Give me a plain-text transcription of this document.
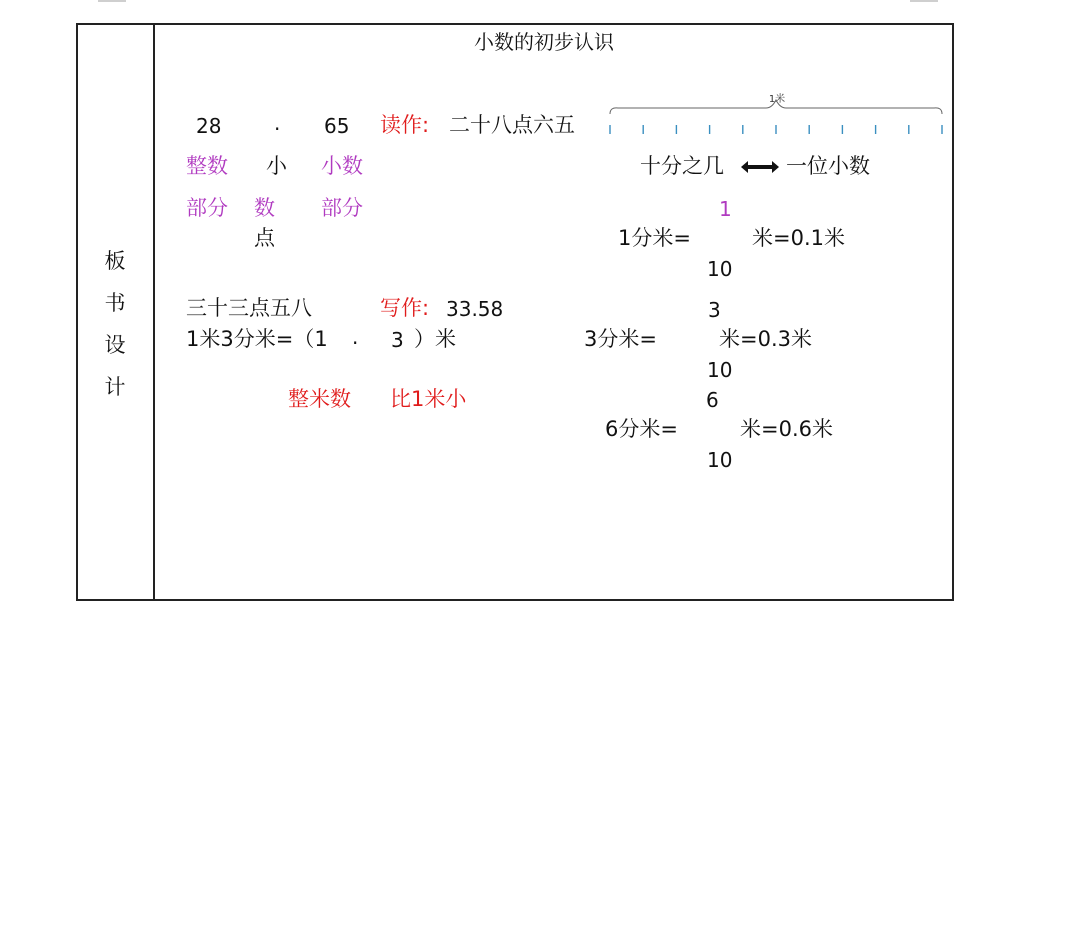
板
书
设
计
小数的初步认识
28	. 65 读作: 二十八点六五
1米
整数 小 小数
部分 数 部分
点
十分之几	一位小数
1
1分米=	米=0.1米
10
三十三点五八	写作: 33.58
1米3分米=（1 . 3 ）米
整米数 比1米小
3
3分米=	米=0.3米
10
6
6分米=	米=0.6米
10
